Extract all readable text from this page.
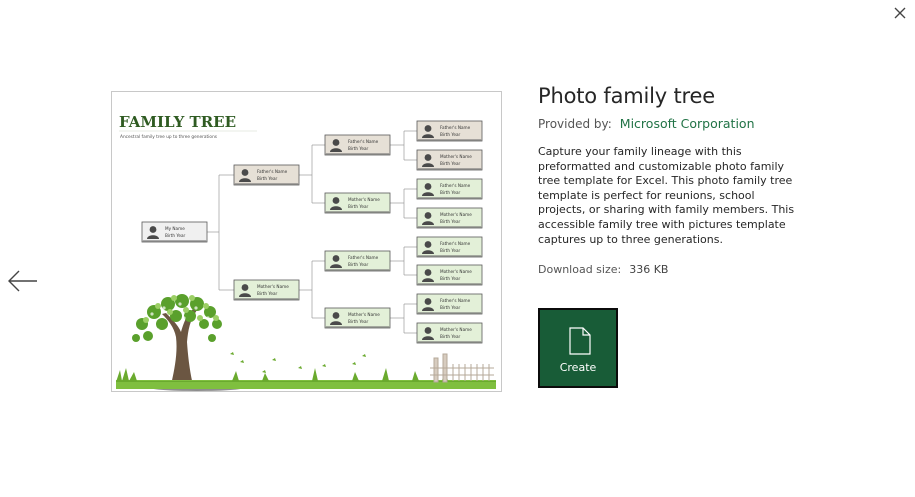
FAMILY TREE
Ancestral family tree up to three generations
My Name
Birth Year
Father's Name
Birth Year
Mother's Name
Birth Year
Father's Name
Birth Year
Mother's Name
Birth Year
Father's Name
Birth Year
Mother's Name
Birth Year
Father's Name
Birth Year
Mother's Name
Birth Year
Father's Name
Birth Year
Mother's Name
Birth Year
Father's Name
Birth Year
Mother's Name
Birth Year
Father's Name
Birth Year
Mother's Name
Birth Year
Photo family tree
Provided by: Microsoft Corporation
Capture your family lineage with this preformatted and customizable photo family tree template for Excel. This photo family tree template is perfect for reunions, school projects, or sharing with family members. This accessible family tree with pictures template captures up to three generations.
Download size: 336 KB
Create
